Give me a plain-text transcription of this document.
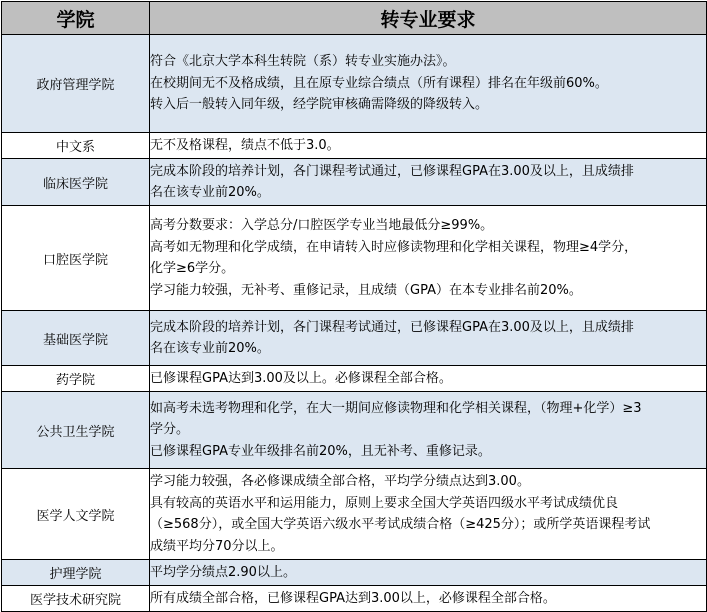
学院	转专业要求
政府管理学院	符合《北京大学本科生转院（系）转专业实施办法》。
在校期间无不及格成绩，且在原专业综合绩点（所有课程）排名在年级前60%。
转入后一般转入同年级，经学院审核确需降级的降级转入。

中文系	无不及格课程，绩点不低于3.0。

临床医学院	完成本阶段的培养计划，各门课程考试通过，已修课程GPA在3.00及以上，且成绩排
名在该专业前20%。

口腔医学院	高考分数要求：入学总分/口腔医学专业当地最低分≥99%。
高考如无物理和化学成绩，在申请转入时应修读物理和化学相关课程，物理≥4学分，
化学≥6学分。
学习能力较强，无补考、重修记录，且成绩（GPA）在本专业排名前20%。

基础医学院	完成本阶段的培养计划，各门课程考试通过，已修课程GPA在3.00及以上，且成绩排
名在该专业前20%。

药学院	已修课程GPA达到3.00及以上。必修课程全部合格。

公共卫生学院	如高考未选考物理和化学，在大一期间应修读物理和化学相关课程，（物理+化学）≥3
学分。
已修课程GPA专业年级排名前20%，且无补考、重修记录。

医学人文学院	学习能力较强，各必修课成绩全部合格，平均学分绩点达到3.00。
具有较高的英语水平和运用能力，原则上要求全国大学英语四级水平考试成绩优良
（≥568分），或全国大学英语六级水平考试成绩合格（≥425分）；或所学英语课程考试
成绩平均分70分以上。

护理学院	平均学分绩点2.90以上。

医学技术研究院	所有成绩全部合格，已修课程GPA达到3.00以上，必修课程全部合格。
